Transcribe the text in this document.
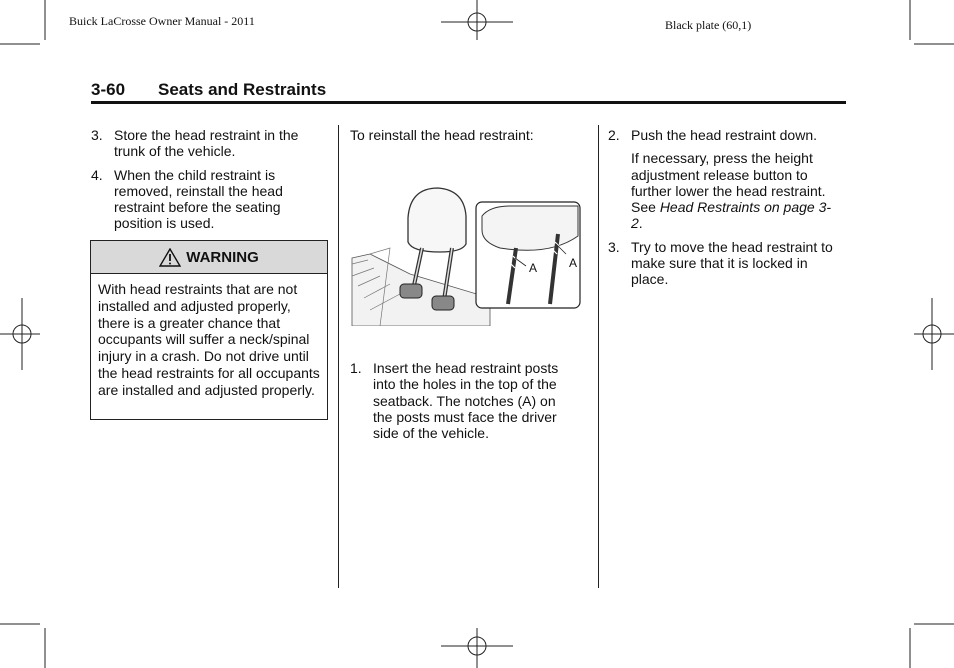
Buick LaCrosse Owner Manual - 2011	Black plate (60,1)
3-60 Seats and Restraints
3. Store the head restraint in the trunk of the vehicle.
4. When the child restraint is removed, reinstall the head restraint before the seating position is used.
WARNING
With head restraints that are not installed and adjusted properly, there is a greater chance that occupants will suffer a neck/spinal injury in a crash. Do not drive until the head restraints for all occupants are installed and adjusted properly.
To reinstall the head restraint:
A	A
1. Insert the head restraint posts into the holes in the top of the seatback. The notches (A) on the posts must face the driver side of the vehicle.
2. Push the head restraint down.
If necessary, press the height adjustment release button to further lower the head restraint. See Head Restraints on page 3-2.
3. Try to move the head restraint to make sure that it is locked in place.
